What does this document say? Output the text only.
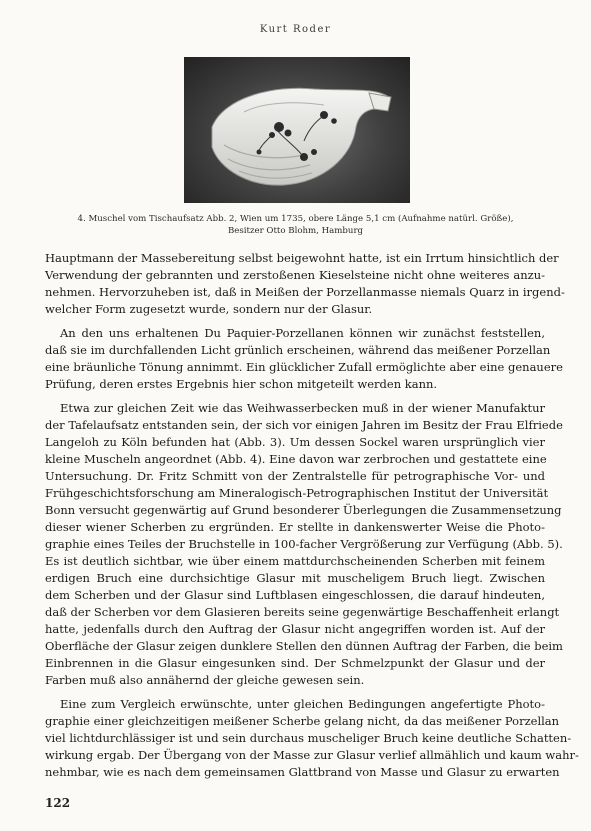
Kurt Roder
4. Muschel vom Tischaufsatz Abb. 2, Wien um 1735, obere Länge 5,1 cm (Aufnahme natürl. Größe),
Besitzer Otto Blohm, Hamburg

Hauptmann der Massebereitung selbst beigewohnt hatte, ist ein Irrtum hinsichtlich der
Verwendung der gebrannten und zerstoßenen Kieselsteine nicht ohne weiteres anzu-
nehmen. Hervorzuheben ist, daß in Meißen der Porzellanmasse niemals Quarz in irgend-
welcher Form zugesetzt wurde, sondern nur der Glasur.

An den uns erhaltenen Du Paquier-Porzellanen können wir zunächst feststellen,
daß sie im durchfallenden Licht grünlich erscheinen, während das meißener Porzellan
eine bräunliche Tönung annimmt. Ein glücklicher Zufall ermöglichte aber eine genauere
Prüfung, deren erstes Ergebnis hier schon mitgeteilt werden kann.

Etwa zur gleichen Zeit wie das Weihwasserbecken muß in der wiener Manufaktur
der Tafelaufsatz entstanden sein, der sich vor einigen Jahren im Besitz der Frau Elfriede
Langeloh zu Köln befunden hat (Abb. 3). Um dessen Sockel waren ursprünglich vier
kleine Muscheln angeordnet (Abb. 4). Eine davon war zerbrochen und gestattete eine
Untersuchung. Dr. Fritz Schmitt von der Zentralstelle für petrographische Vor- und
Frühgeschichtsforschung am Mineralogisch-Petrographischen Institut der Universität
Bonn versucht gegenwärtig auf Grund besonderer Überlegungen die Zusammensetzung
dieser wiener Scherben zu ergründen. Er stellte in dankenswerter Weise die Photo-
graphie eines Teiles der Bruchstelle in 100-facher Vergrößerung zur Verfügung (Abb. 5).
Es ist deutlich sichtbar, wie über einem mattdurchscheinenden Scherben mit feinem
erdigen Bruch eine durchsichtige Glasur mit muscheligem Bruch liegt. Zwischen
dem Scherben und der Glasur sind Luftblasen eingeschlossen, die darauf hindeuten,
daß der Scherben vor dem Glasieren bereits seine gegenwärtige Beschaffenheit erlangt
hatte, jedenfalls durch den Auftrag der Glasur nicht angegriffen worden ist. Auf der
Oberfläche der Glasur zeigen dunklere Stellen den dünnen Auftrag der Farben, die beim
Einbrennen in die Glasur eingesunken sind. Der Schmelzpunkt der Glasur und der
Farben muß also annähernd der gleiche gewesen sein.

Eine zum Vergleich erwünschte, unter gleichen Bedingungen angefertigte Photo-
graphie einer gleichzeitigen meißener Scherbe gelang nicht, da das meißener Porzellan
viel lichtdurchlässiger ist und sein durchaus muscheliger Bruch keine deutliche Schatten-
wirkung ergab. Der Übergang von der Masse zur Glasur verlief allmählich und kaum wahr-
nehmbar, wie es nach dem gemeinsamen Glattbrand von Masse und Glasur zu erwarten

122
